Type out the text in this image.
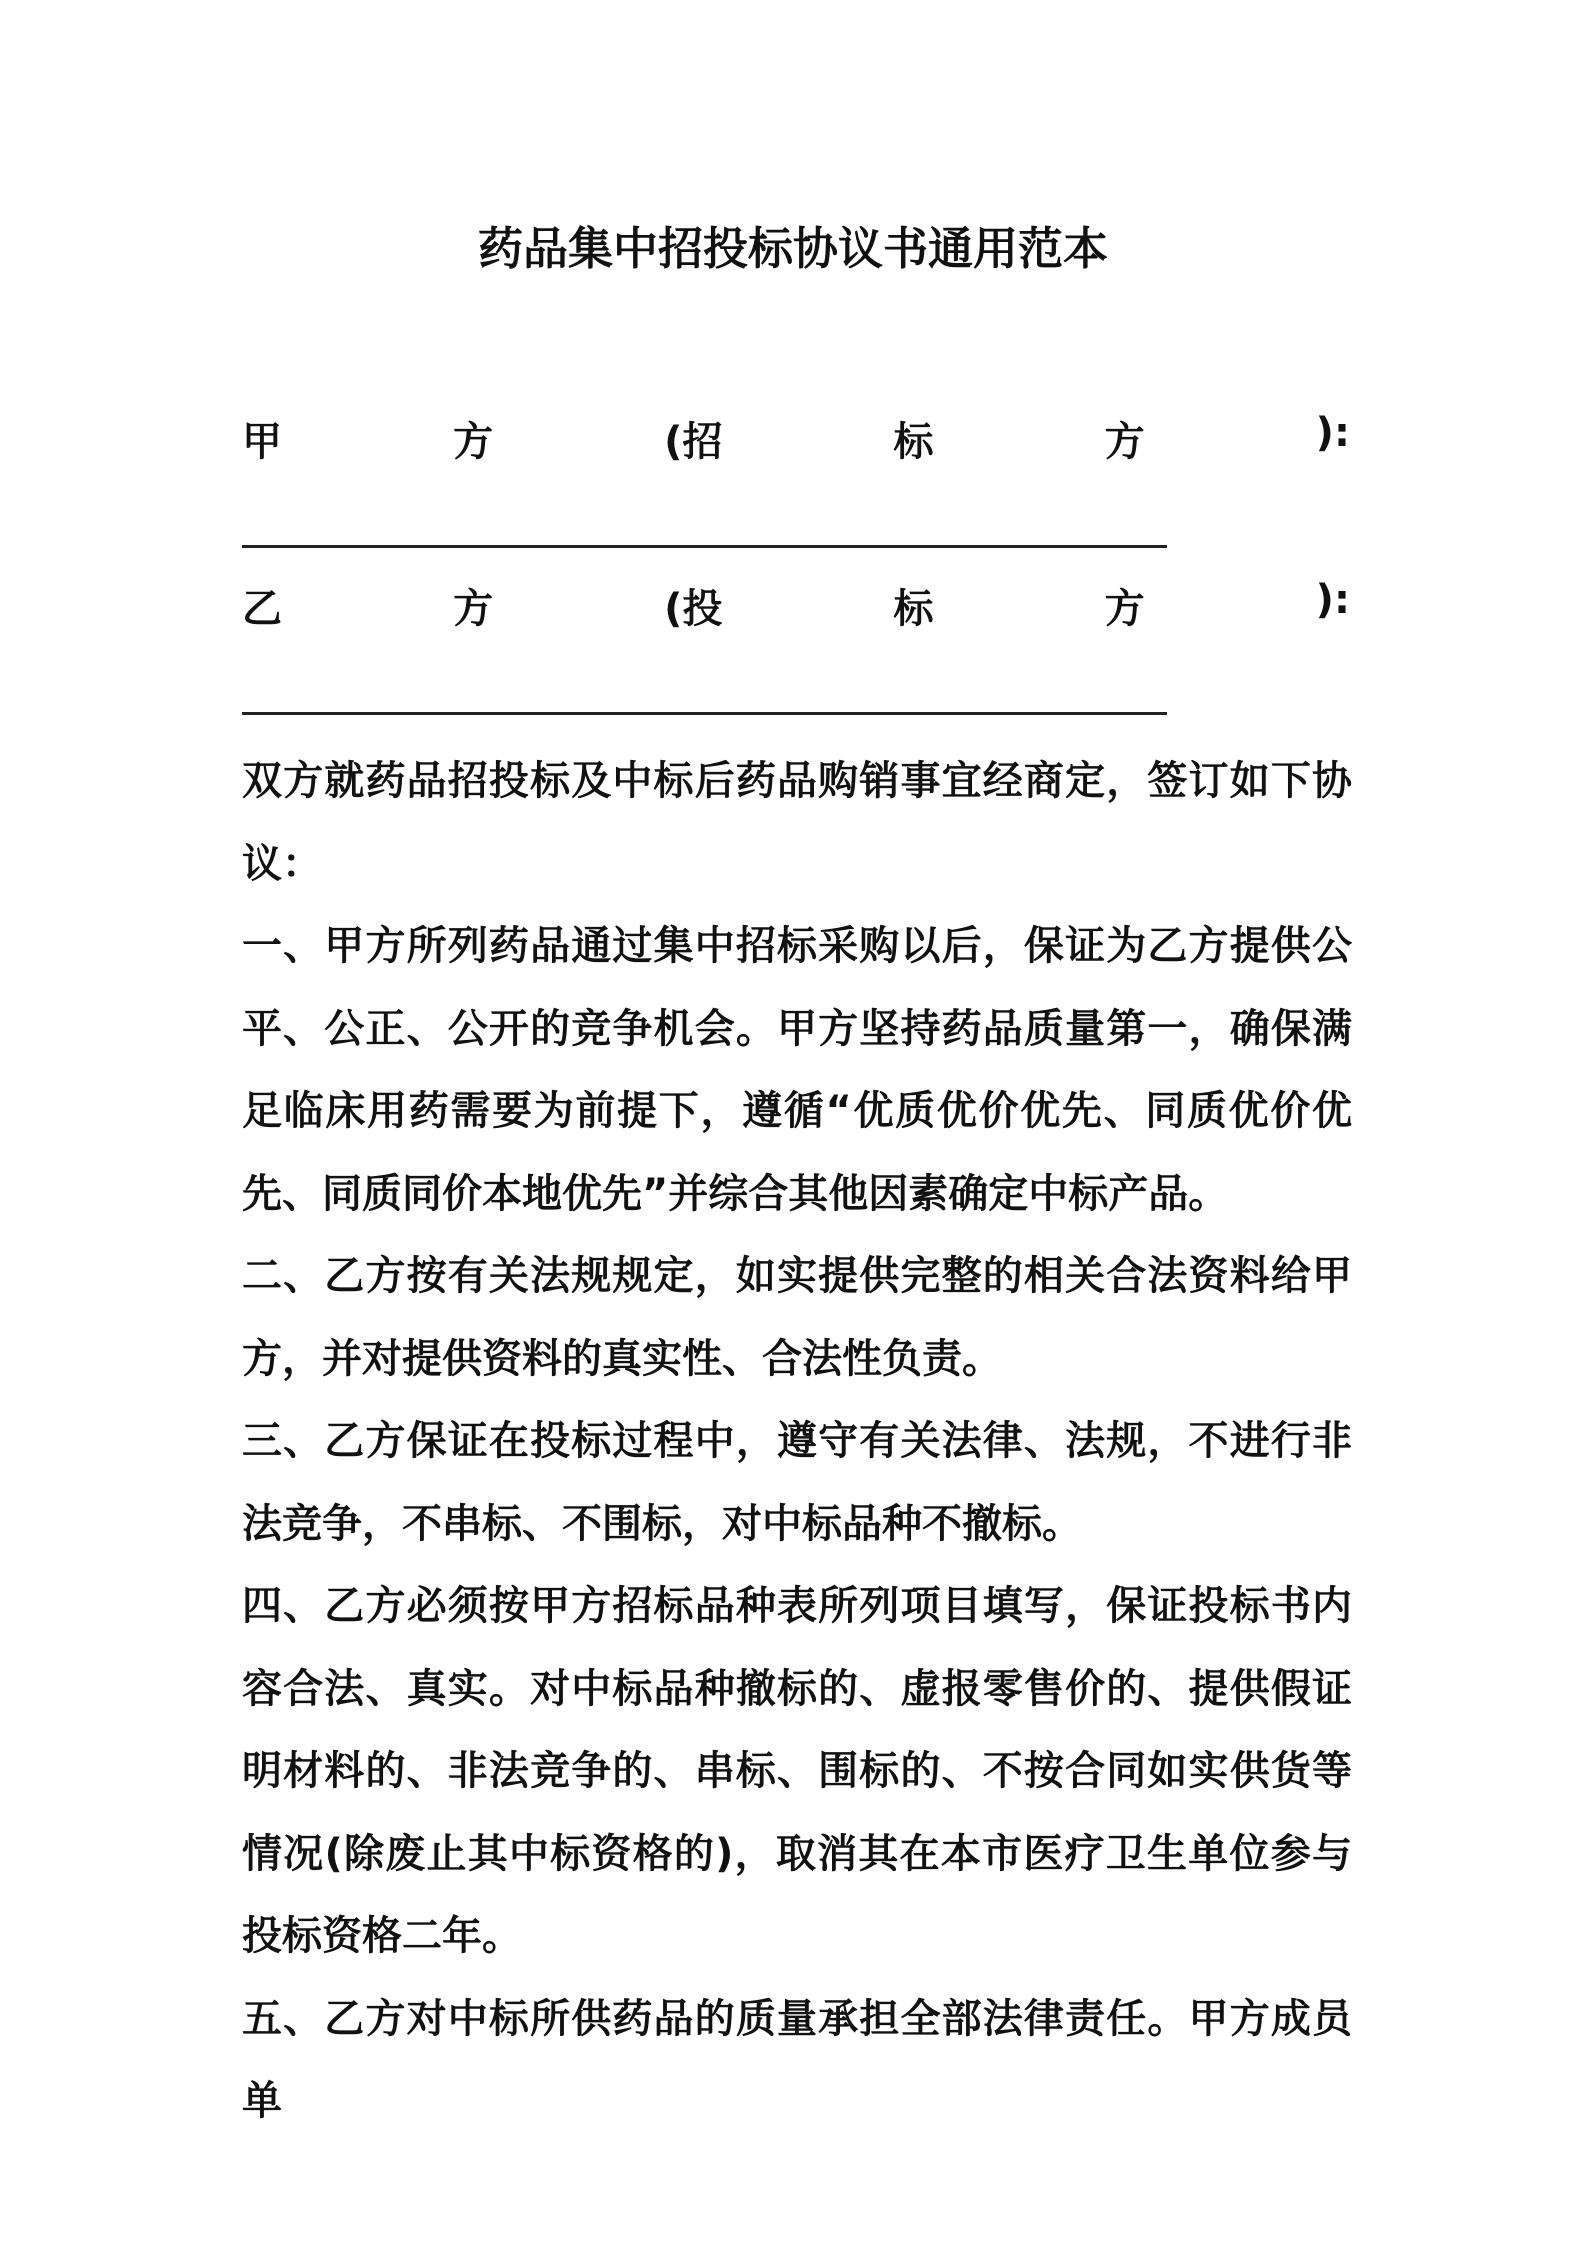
药品集中招投标协议书通用范本
甲	方	(招	标	方	):
乙	方	(投	标	方	):

双方就药品招投标及中标后药品购销事宜经商定，签订如下协议：

一、甲方所列药品通过集中招标采购以后，保证为乙方提供公平、公正、公开的竞争机会。甲方坚持药品质量第一，确保满足临床用药需要为前提下，遵循“优质优价优先、同质优价优先、同质同价本地优先”并综合其他因素确定中标产品。

二、乙方按有关法规规定，如实提供完整的相关合法资料给甲方，并对提供资料的真实性、合法性负责。

三、乙方保证在投标过程中，遵守有关法律、法规，不进行非法竞争，不串标、不围标，对中标品种不撤标。

四、乙方必须按甲方招标品种表所列项目填写，保证投标书内容合法、真实。对中标品种撤标的、虚报零售价的、提供假证明材料的、非法竞争的、串标、围标的、不按合同如实供货等情况(除废止其中标资格的)，取消其在本市医疗卫生单位参与投标资格二年。

五、乙方对中标所供药品的质量承担全部法律责任。甲方成员单
